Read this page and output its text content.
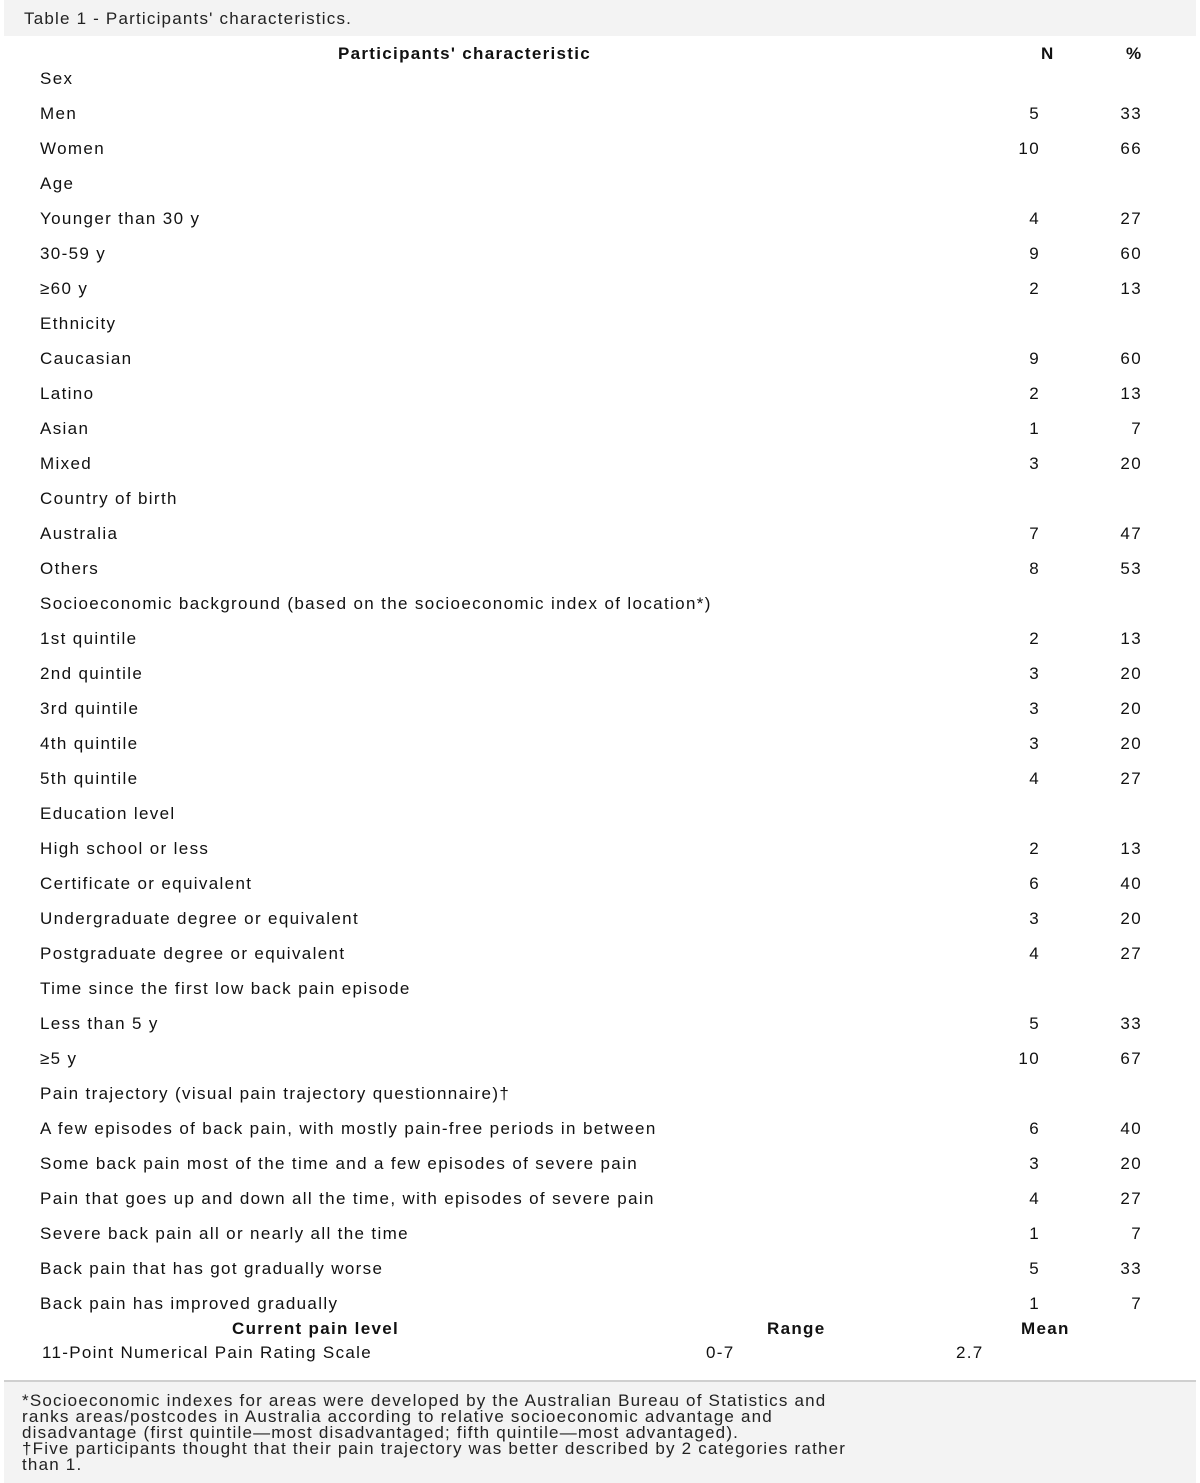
Table 1 - Participants' characteristics.
Participants' characteristic	N	%
Sex
Men	5	33
Women	10	66
Age
Younger than 30 y	4	27
30-59 y	9	60
≥60 y	2	13
Ethnicity
Caucasian	9	60
Latino	2	13
Asian	1	7
Mixed	3	20
Country of birth
Australia	7	47
Others	8	53
Socioeconomic background (based on the socioeconomic index of location*)
1st quintile	2	13
2nd quintile	3	20
3rd quintile	3	20
4th quintile	3	20
5th quintile	4	27
Education level
High school or less	2	13
Certificate or equivalent	6	40
Undergraduate degree or equivalent	3	20
Postgraduate degree or equivalent	4	27
Time since the first low back pain episode
Less than 5 y	5	33
≥5 y	10	67
Pain trajectory (visual pain trajectory questionnaire)†
A few episodes of back pain, with mostly pain-free periods in between	6	40
Some back pain most of the time and a few episodes of severe pain	3	20
Pain that goes up and down all the time, with episodes of severe pain	4	27
Severe back pain all or nearly all the time	1	7
Back pain that has got gradually worse	5	33
Back pain has improved gradually	1	7
Current pain level	Range	Mean
11-Point Numerical Pain Rating Scale	0-7	2.7
*Socioeconomic indexes for areas were developed by the Australian Bureau of Statistics and
ranks areas/postcodes in Australia according to relative socioeconomic advantage and
disadvantage (first quintile—most disadvantaged; fifth quintile—most advantaged).
†Five participants thought that their pain trajectory was better described by 2 categories rather
than 1.
